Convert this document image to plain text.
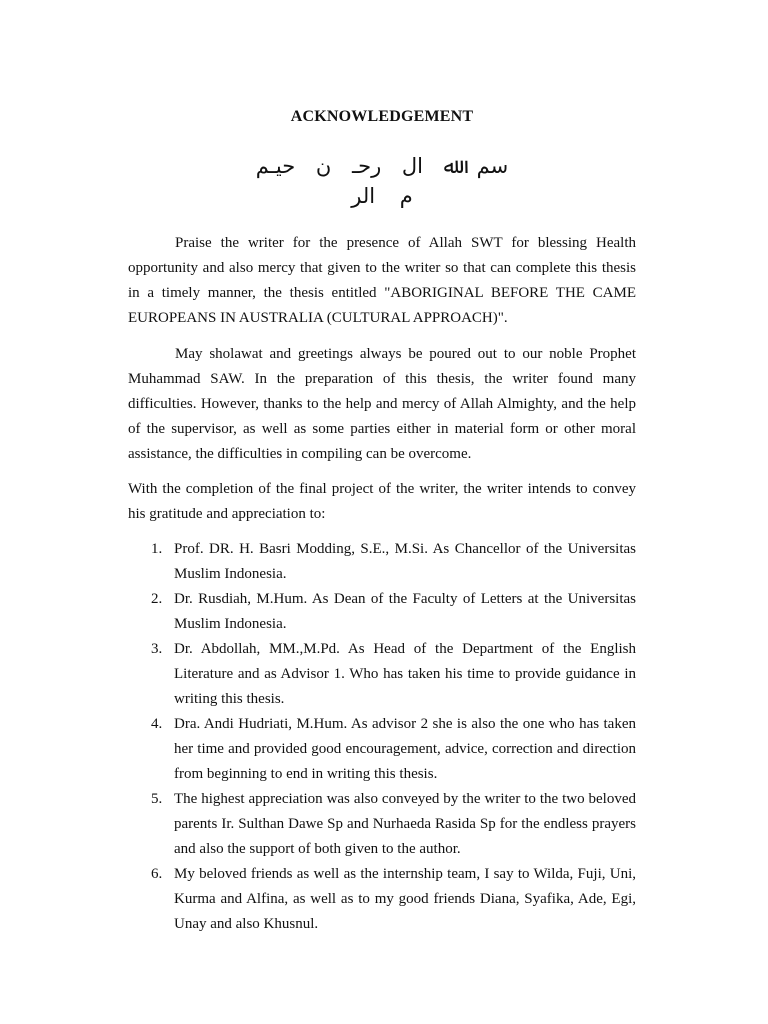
ACKNOWLEDGEMENT
سم ﷲ ال رحـ ن حيـم
م الر

Praise the writer for the presence of Allah SWT for blessing Health opportunity and also mercy that given to the writer so that can complete this thesis in a timely manner, the thesis entitled "ABORIGINAL BEFORE THE CAME EUROPEANS IN AUSTRALIA (CULTURAL APPROACH)".

May sholawat and greetings always be poured out to our noble Prophet Muhammad SAW. In the preparation of this thesis, the writer found many difficulties. However, thanks to the help and mercy of Allah Almighty, and the help of the supervisor, as well as some parties either in material form or other moral assistance, the difficulties in compiling can be overcome.

With the completion of the final project of the writer, the writer intends to convey his gratitude and appreciation to:

1. Prof. DR. H. Basri Modding, S.E., M.Si. As Chancellor of the Universitas Muslim Indonesia.
2. Dr. Rusdiah, M.Hum. As Dean of the Faculty of Letters at the Universitas Muslim Indonesia.
3. Dr. Abdollah, MM.,M.Pd. As Head of the Department of the English Literature and as Advisor 1. Who has taken his time to provide guidance in writing this thesis.
4. Dra. Andi Hudriati, M.Hum. As advisor 2 she is also the one who has taken her time and provided good encouragement, advice, correction and direction from beginning to end in writing this thesis.
5. The highest appreciation was also conveyed by the writer to the two beloved parents Ir. Sulthan Dawe Sp and Nurhaeda Rasida Sp for the endless prayers and also the support of both given to the author.
6. My beloved friends as well as the internship team, I say to Wilda, Fuji, Uni, Kurma and Alfina, as well as to my good friends Diana, Syafika, Ade, Egi, Unay and also Khusnul.
